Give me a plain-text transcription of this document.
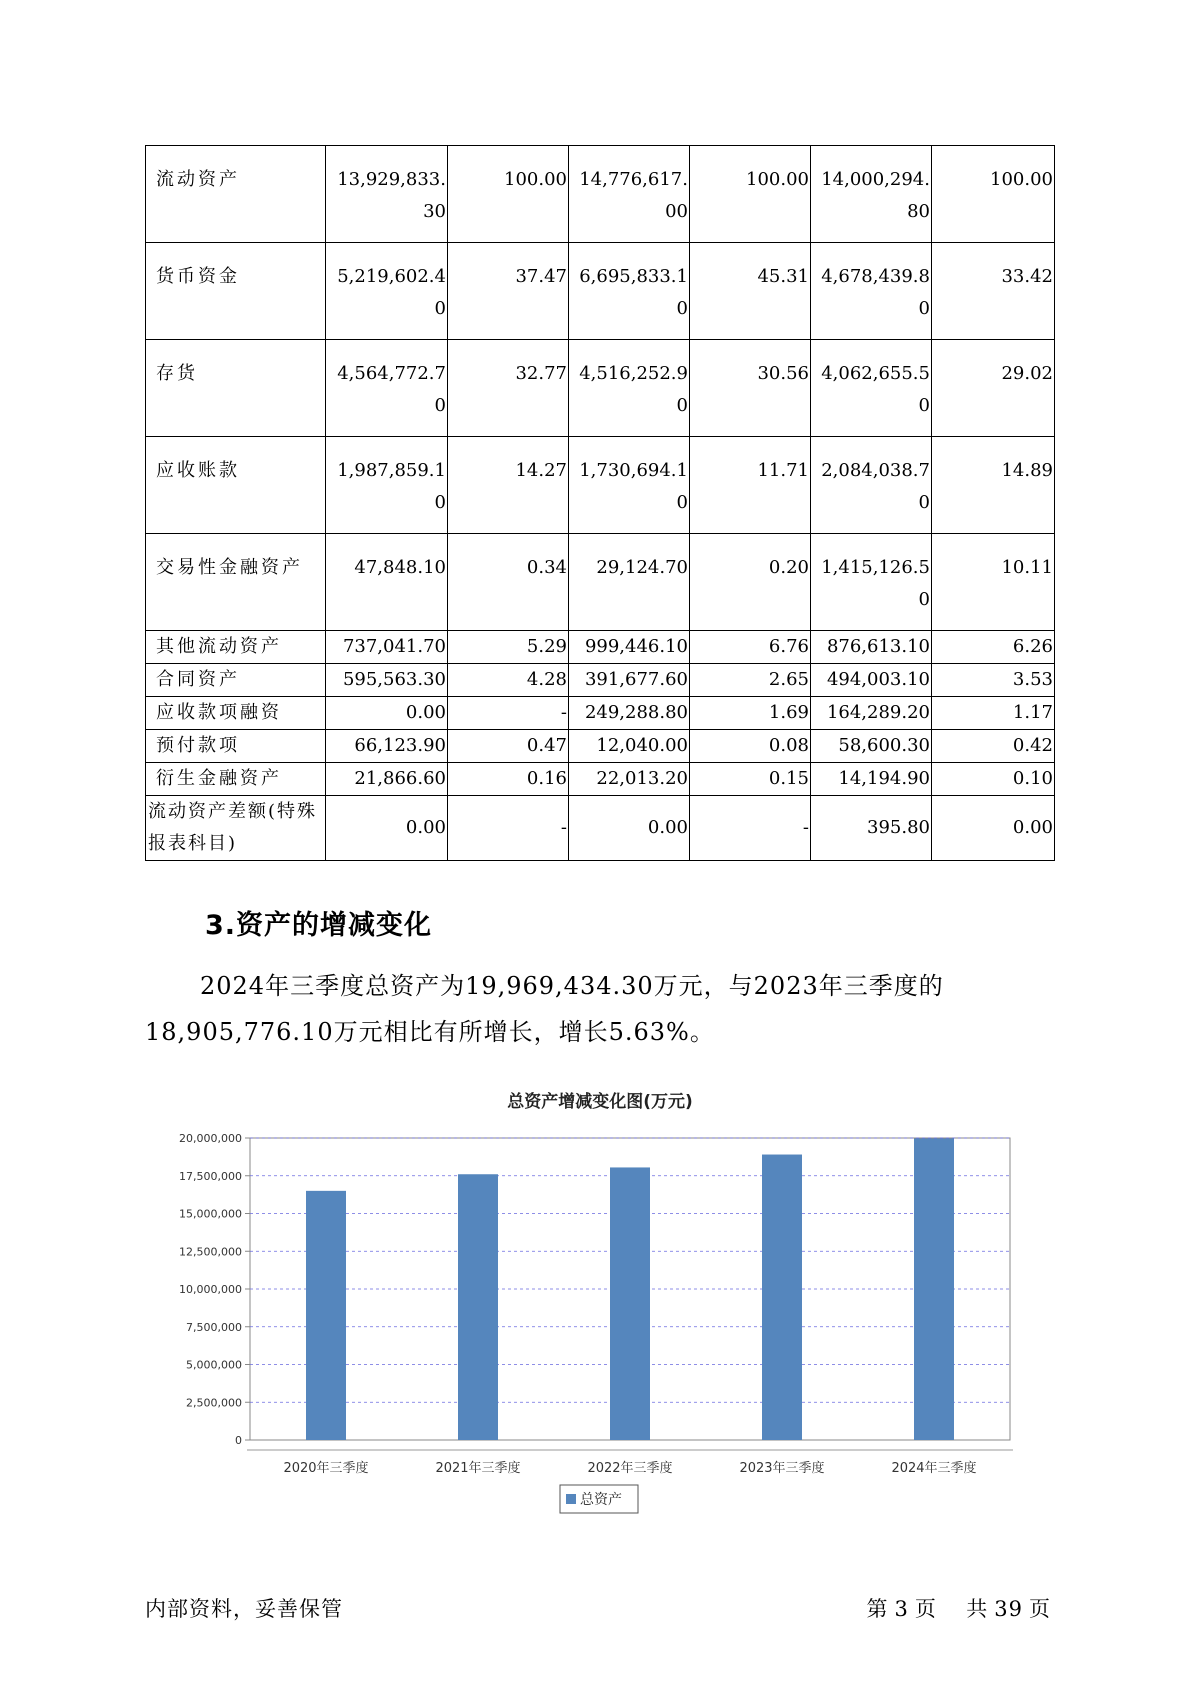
流动资产	13,929,833.30	100.00	14,776,617.00	100.00	14,000,294.80	100.00
货币资金	5,219,602.40	37.47	6,695,833.10	45.31	4,678,439.80	33.42
存货	4,564,772.70	32.77	4,516,252.90	30.56	4,062,655.50	29.02
应收账款	1,987,859.10	14.27	1,730,694.10	11.71	2,084,038.70	14.89
交易性金融资产	47,848.10	0.34	29,124.70	0.20	1,415,126.50	10.11
其他流动资产	737,041.70	5.29	999,446.10	6.76	876,613.10	6.26
合同资产	595,563.30	4.28	391,677.60	2.65	494,003.10	3.53
应收款项融资	0.00	-	249,288.80	1.69	164,289.20	1.17
预付款项	66,123.90	0.47	12,040.00	0.08	58,600.30	0.42
衍生金融资产	21,866.60	0.16	22,013.20	0.15	14,194.90	0.10
流动资产差额(特殊报表科目)	0.00	-	0.00	-	395.80	0.00
3.资产的增减变化
2024年三季度总资产为19,969,434.30万元，与2023年三季度的
18,905,776.10万元相比有所增长，增长5.63%。
总资产增减变化图(万元)
0
2,500,000
5,000,000
7,500,000
10,000,000
12,500,000
15,000,000
17,500,000
20,000,000
2020年三季度	2021年三季度	2022年三季度	2023年三季度	2024年三季度
总资产
内部资料，妥善保管	第 3 页 共 39 页
